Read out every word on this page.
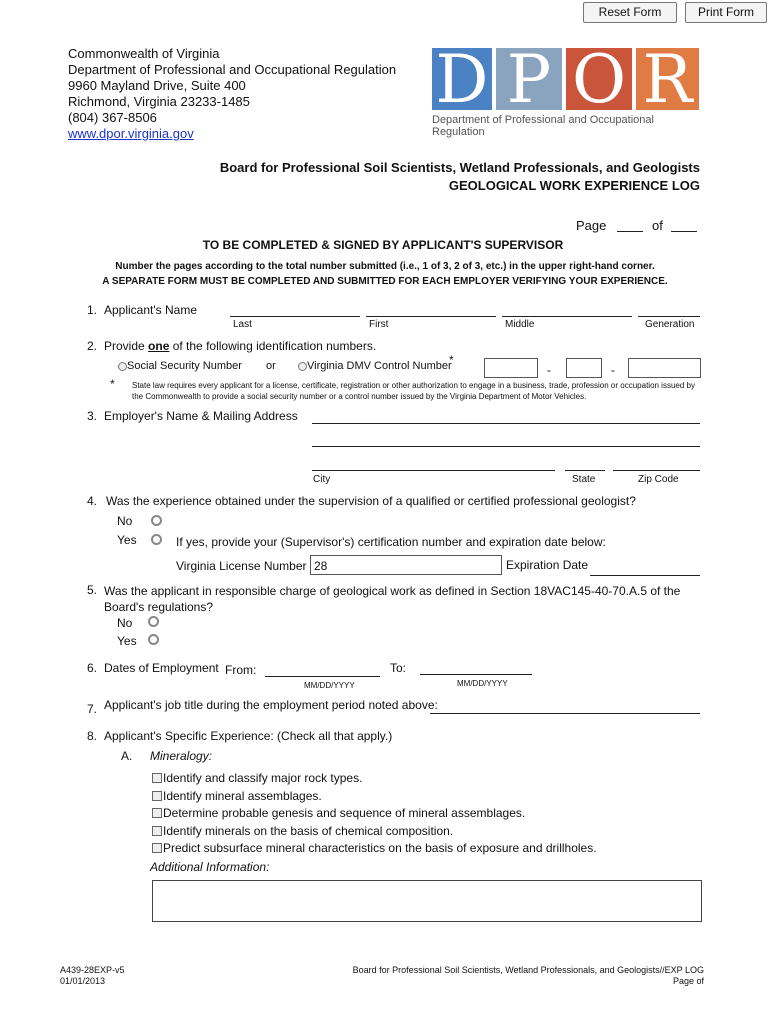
Reset Form	Print Form
Commonwealth of Virginia
Department of Professional and Occupational Regulation
9960 Mayland Drive, Suite 400
Richmond, Virginia 23233-1485
(804) 367-8506
www.dpor.virginia.gov
D P O R
Department of Professional and Occupational Regulation
Board for Professional Soil Scientists, Wetland Professionals, and Geologists
GEOLOGICAL WORK EXPERIENCE LOG
Page	of
TO BE COMPLETED & SIGNED BY APPLICANT'S SUPERVISOR
Number the pages according to the total number submitted (i.e., 1 of 3, 2 of 3, etc.) in the upper right-hand corner.
A SEPARATE FORM MUST BE COMPLETED AND SUBMITTED FOR EACH EMPLOYER VERIFYING YOUR EXPERIENCE.
1. Applicant's Name
Last	First	Middle	Generation
2. Provide one of the following identification numbers.
Social Security Number or	Virginia DMV Control Number
*
-	-
* State law requires every applicant for a license, certificate, registration or other authorization to engage in a business, trade, profession or occupation issued by the Commonwealth to provide a social security number or a control number issued by the Virginia Department of Motor Vehicles.
3. Employer's Name & Mailing Address
City	State	Zip Code
4. Was the experience obtained under the supervision of a qualified or certified professional geologist?
No
Yes	If yes, provide your (Supervisor's) certification number and expiration date below:
Virginia License Number 28	Expiration Date
5. Was the applicant in responsible charge of geological work as defined in Section 18VAC145-40-70.A.5 of the Board's regulations?
No
Yes
6. Dates of Employment From:
MM/DD/YYYY
To:
MM/DD/YYYY
7. Applicant's job title during the employment period noted above:
8. Applicant's Specific Experience: (Check all that apply.)
A. Mineralogy:
Identify and classify major rock types.
Identify mineral assemblages.
Determine probable genesis and sequence of mineral assemblages.
Identify minerals on the basis of chemical composition.
Predict subsurface mineral characteristics on the basis of exposure and drillholes.
Additional Information:
A439-28EXP-v5
01/01/2013
Board for Professional Soil Scientists, Wetland Professionals, and Geologists//EXP LOG
Page of
